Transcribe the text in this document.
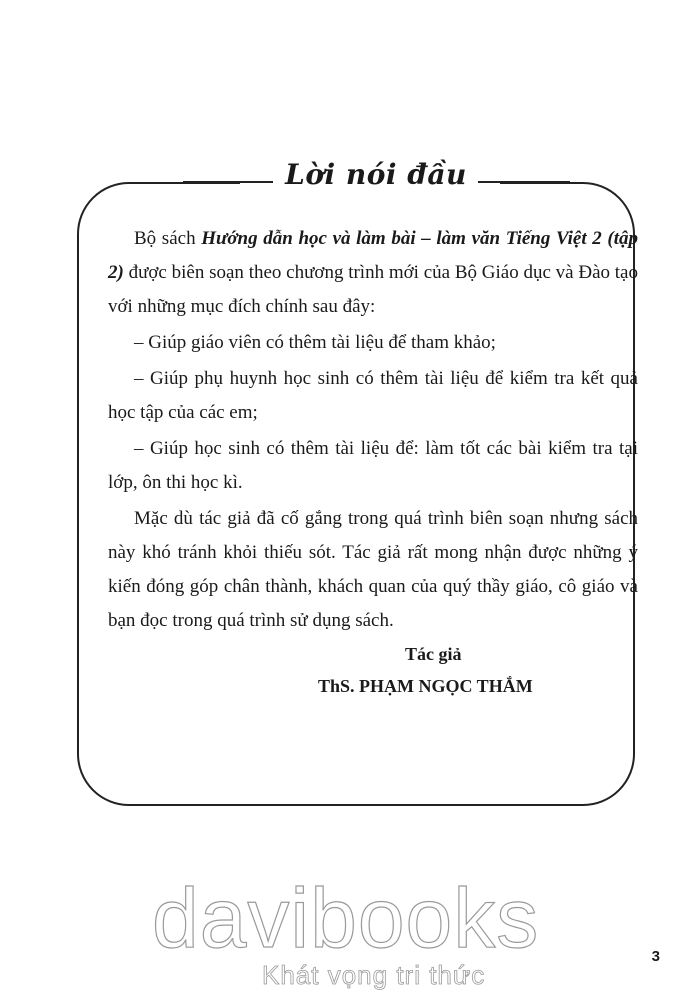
Lời nói đầu

Bộ sách Hướng dẫn học và làm bài – làm văn Tiếng Việt 2 (tập 2) được biên soạn theo chương trình mới của Bộ Giáo dục và Đào tạo với những mục đích chính sau đây:

– Giúp giáo viên có thêm tài liệu để tham khảo;

– Giúp phụ huynh học sinh có thêm tài liệu để kiểm tra kết quả học tập của các em;

– Giúp học sinh có thêm tài liệu để: làm tốt các bài kiểm tra tại lớp, ôn thi học kì.

Mặc dù tác giả đã cố gắng trong quá trình biên soạn nhưng sách này khó tránh khỏi thiếu sót. Tác giả rất mong nhận được những ý kiến đóng góp chân thành, khách quan của quý thầy giáo, cô giáo và bạn đọc trong quá trình sử dụng sách.

Tác giả
ThS. PHẠM NGỌC THẮM
davibooks
Khát vọng tri thức
3
